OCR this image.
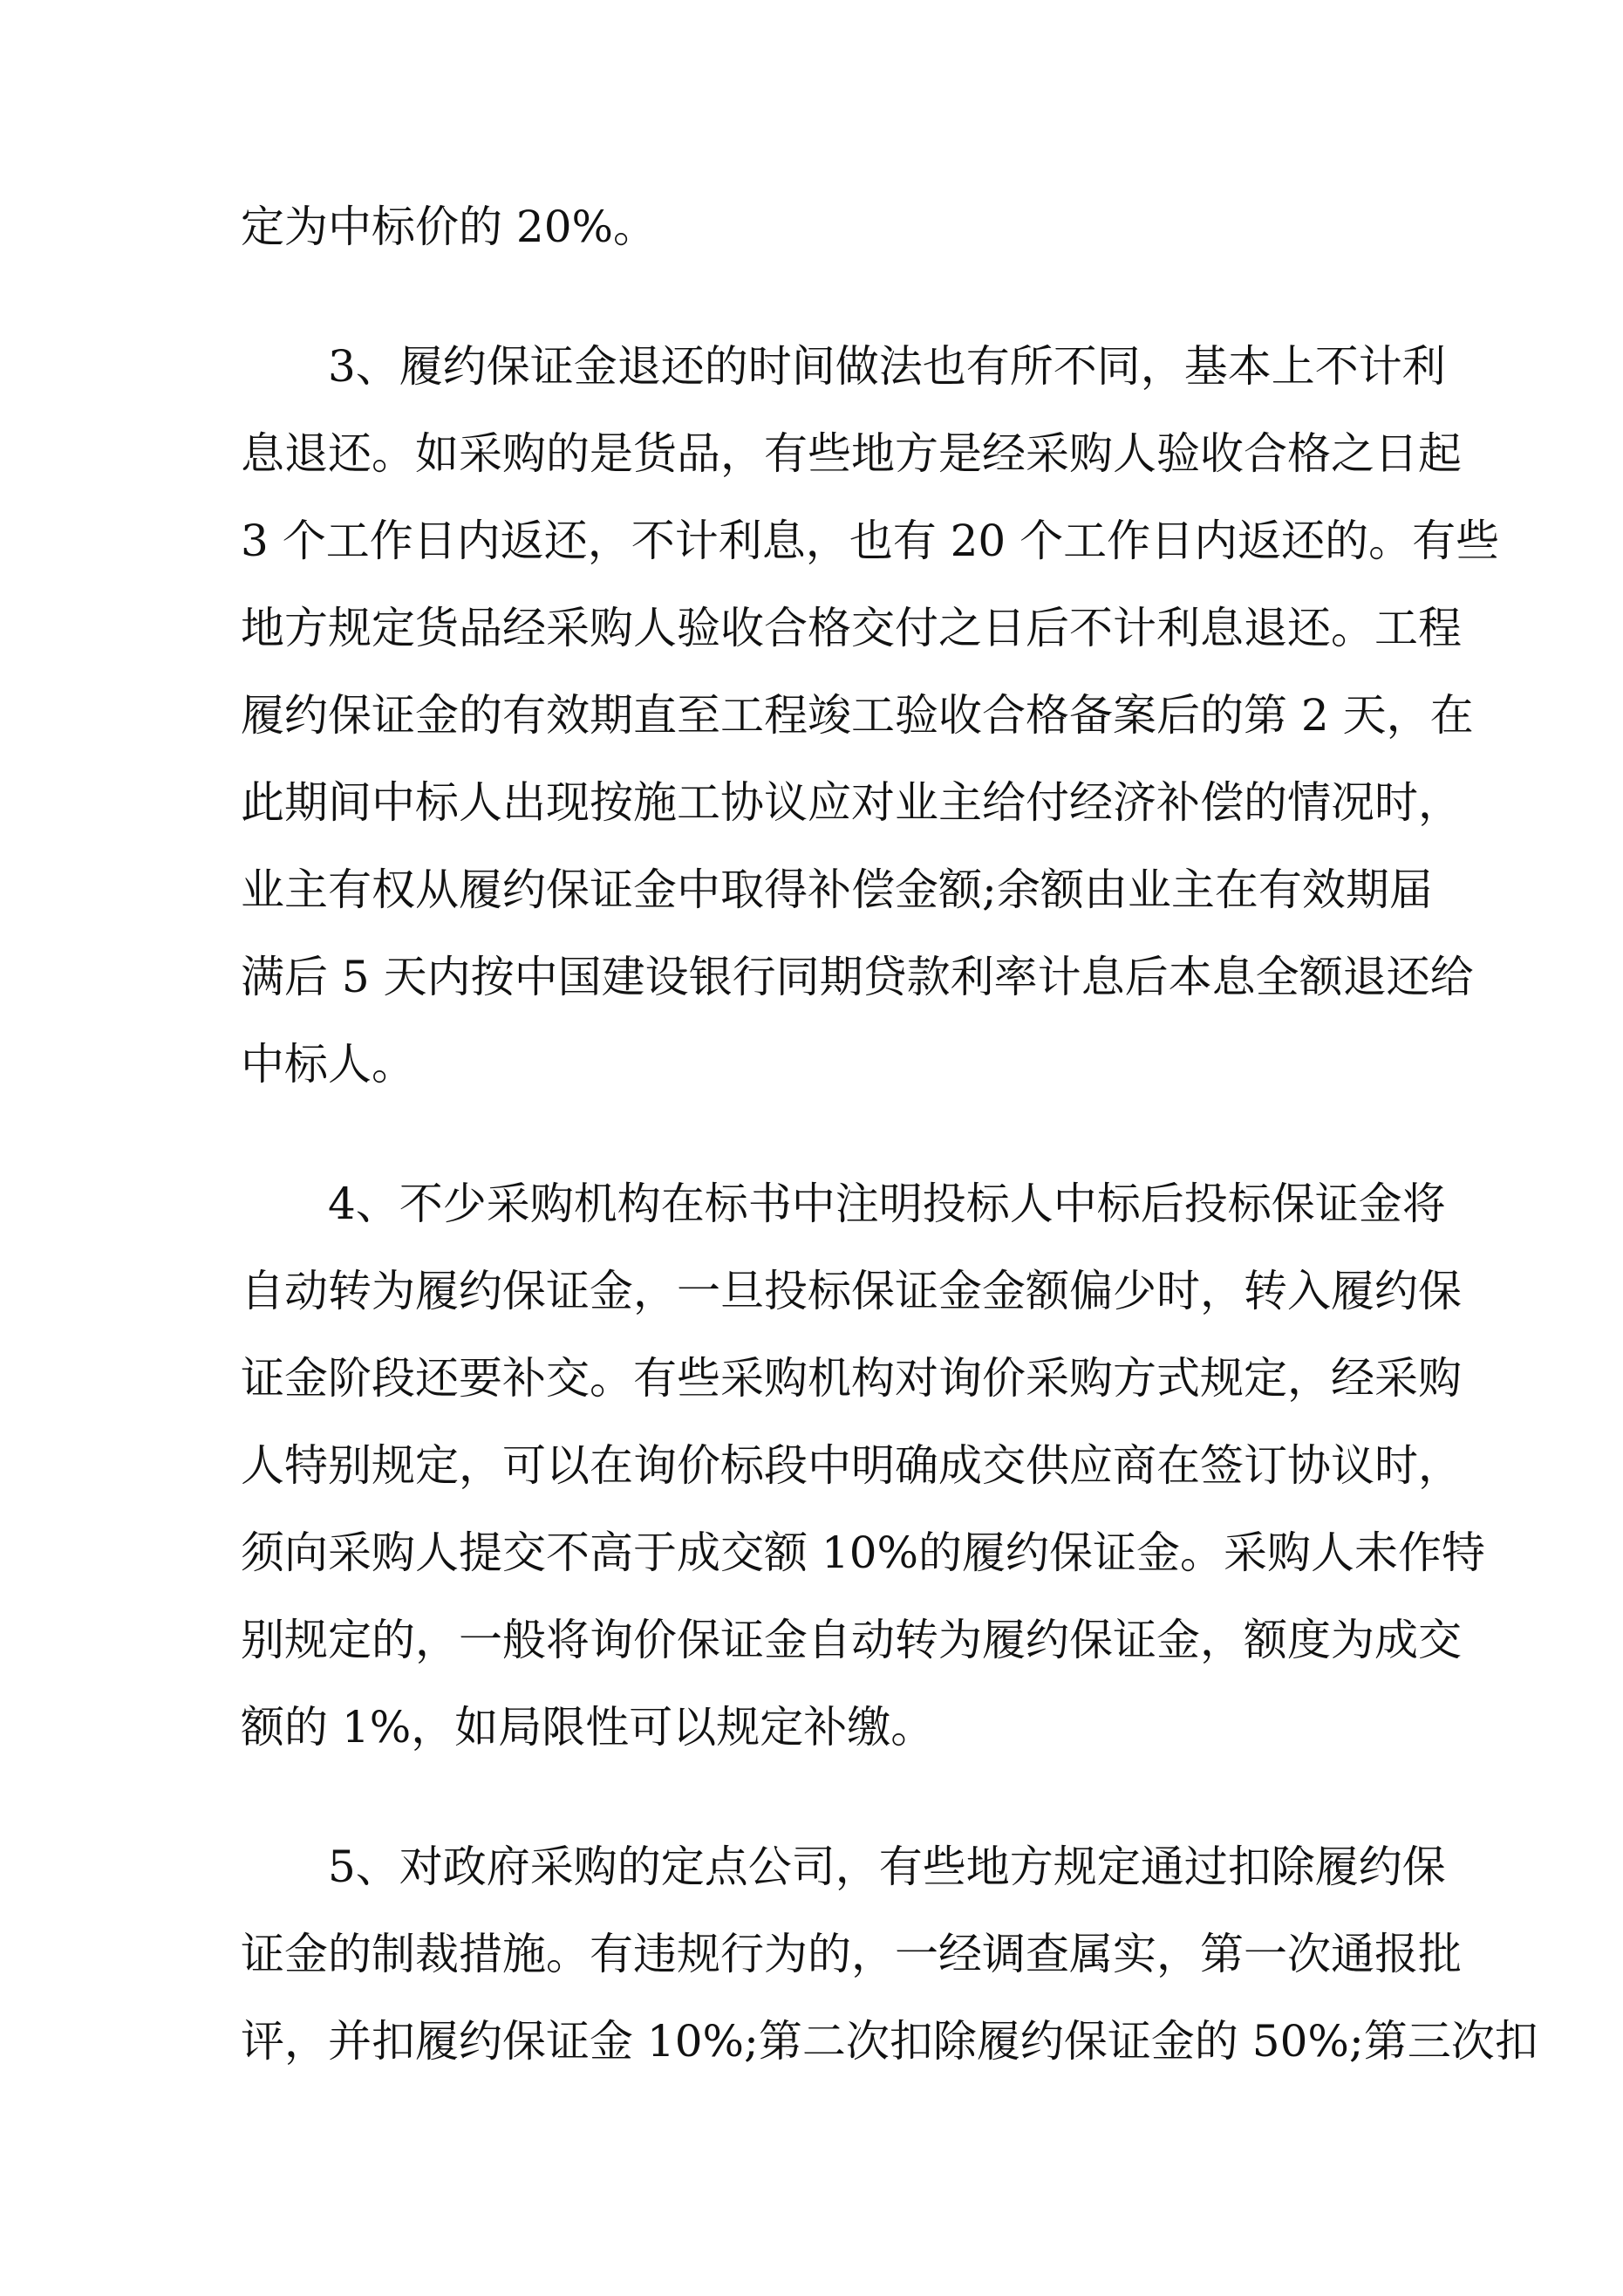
定为中标价的 20%。
3、履约保证金退还的时间做法也有所不同，基本上不计利
息退还。如采购的是货品，有些地方是经采购人验收合格之日起
3 个工作日内返还，不计利息，也有 20 个工作日内返还的。有些
地方规定货品经采购人验收合格交付之日后不计利息退还。工程
履约保证金的有效期直至工程竣工验收合格备案后的第 2 天，在
此期间中标人出现按施工协议应对业主给付经济补偿的情况时，
业主有权从履约保证金中取得补偿金额;余额由业主在有效期届
满后 5 天内按中国建设银行同期贷款利率计息后本息全额退还给
中标人。
4、不少采购机构在标书中注明投标人中标后投标保证金将
自动转为履约保证金，一旦投标保证金金额偏少时，转入履约保
证金阶段还要补交。有些采购机构对询价采购方式规定，经采购
人特别规定，可以在询价标段中明确成交供应商在签订协议时，
须向采购人提交不高于成交额 10%的履约保证金。采购人未作特
别规定的，一般将询价保证金自动转为履约保证金，额度为成交
额的 1%，如局限性可以规定补缴。
5、对政府采购的定点公司，有些地方规定通过扣除履约保
证金的制裁措施。有违规行为的，一经调查属实，第一次通报批
评，并扣履约保证金 10%;第二次扣除履约保证金的 50%;第三次扣
